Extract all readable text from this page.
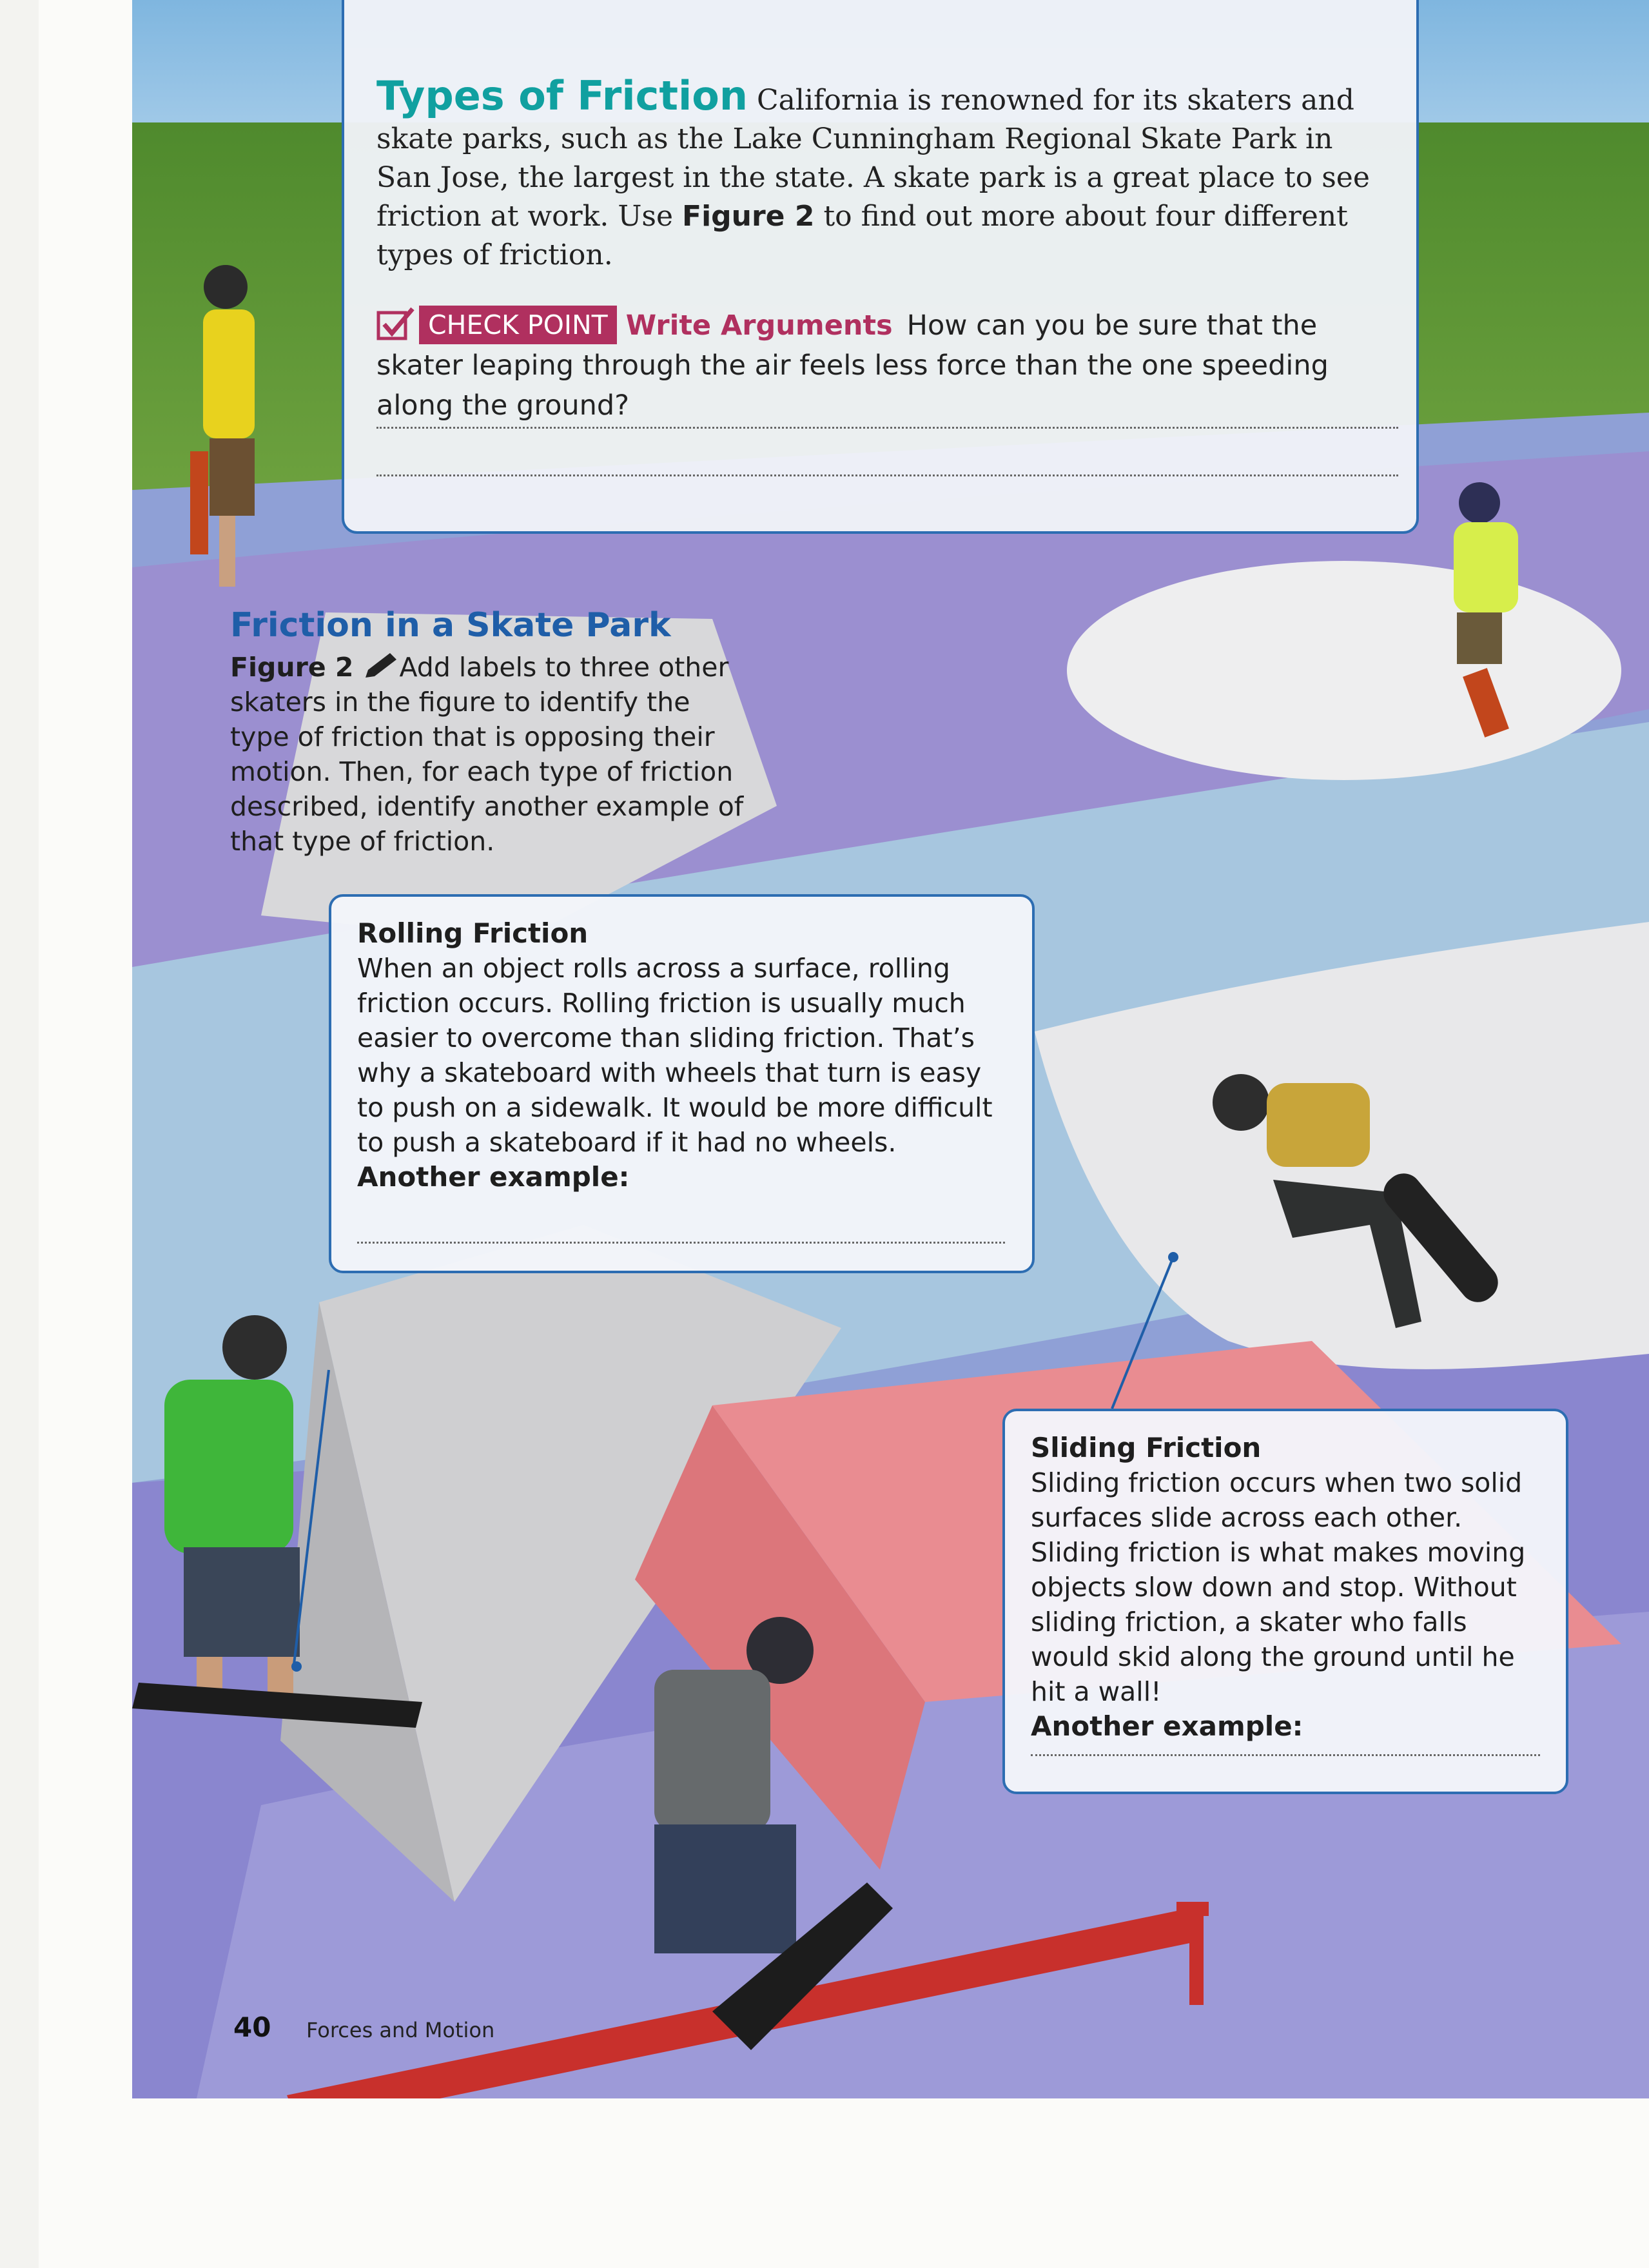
Types of Friction California is renowned for its skaters and skate parks, such as the Lake Cunningham Regional Skate Park in San Jose, the largest in the state. A skate park is a great place to see friction at work. Use Figure 2 to find out more about four different types of friction.
CHECK POINT Write Arguments How can you be sure that the skater leaping through the air feels less force than the one speeding along the ground?
Friction in a Skate Park
Figure 2 Add labels to three other skaters in the figure to identify the type of friction that is opposing their motion. Then, for each type of friction described, identify another example of that type of friction.
Rolling Friction
When an object rolls across a surface, rolling friction occurs. Rolling friction is usually much easier to overcome than sliding friction. That’s why a skateboard with wheels that turn is easy to push on a sidewalk. It would be more difficult to push a skateboard if it had no wheels.
Another example:
Sliding Friction
Sliding friction occurs when two solid surfaces slide across each other. Sliding friction is what makes moving objects slow down and stop. Without sliding friction, a skater who falls would skid along the ground until he hit a wall!
Another example:
40 Forces and Motion
